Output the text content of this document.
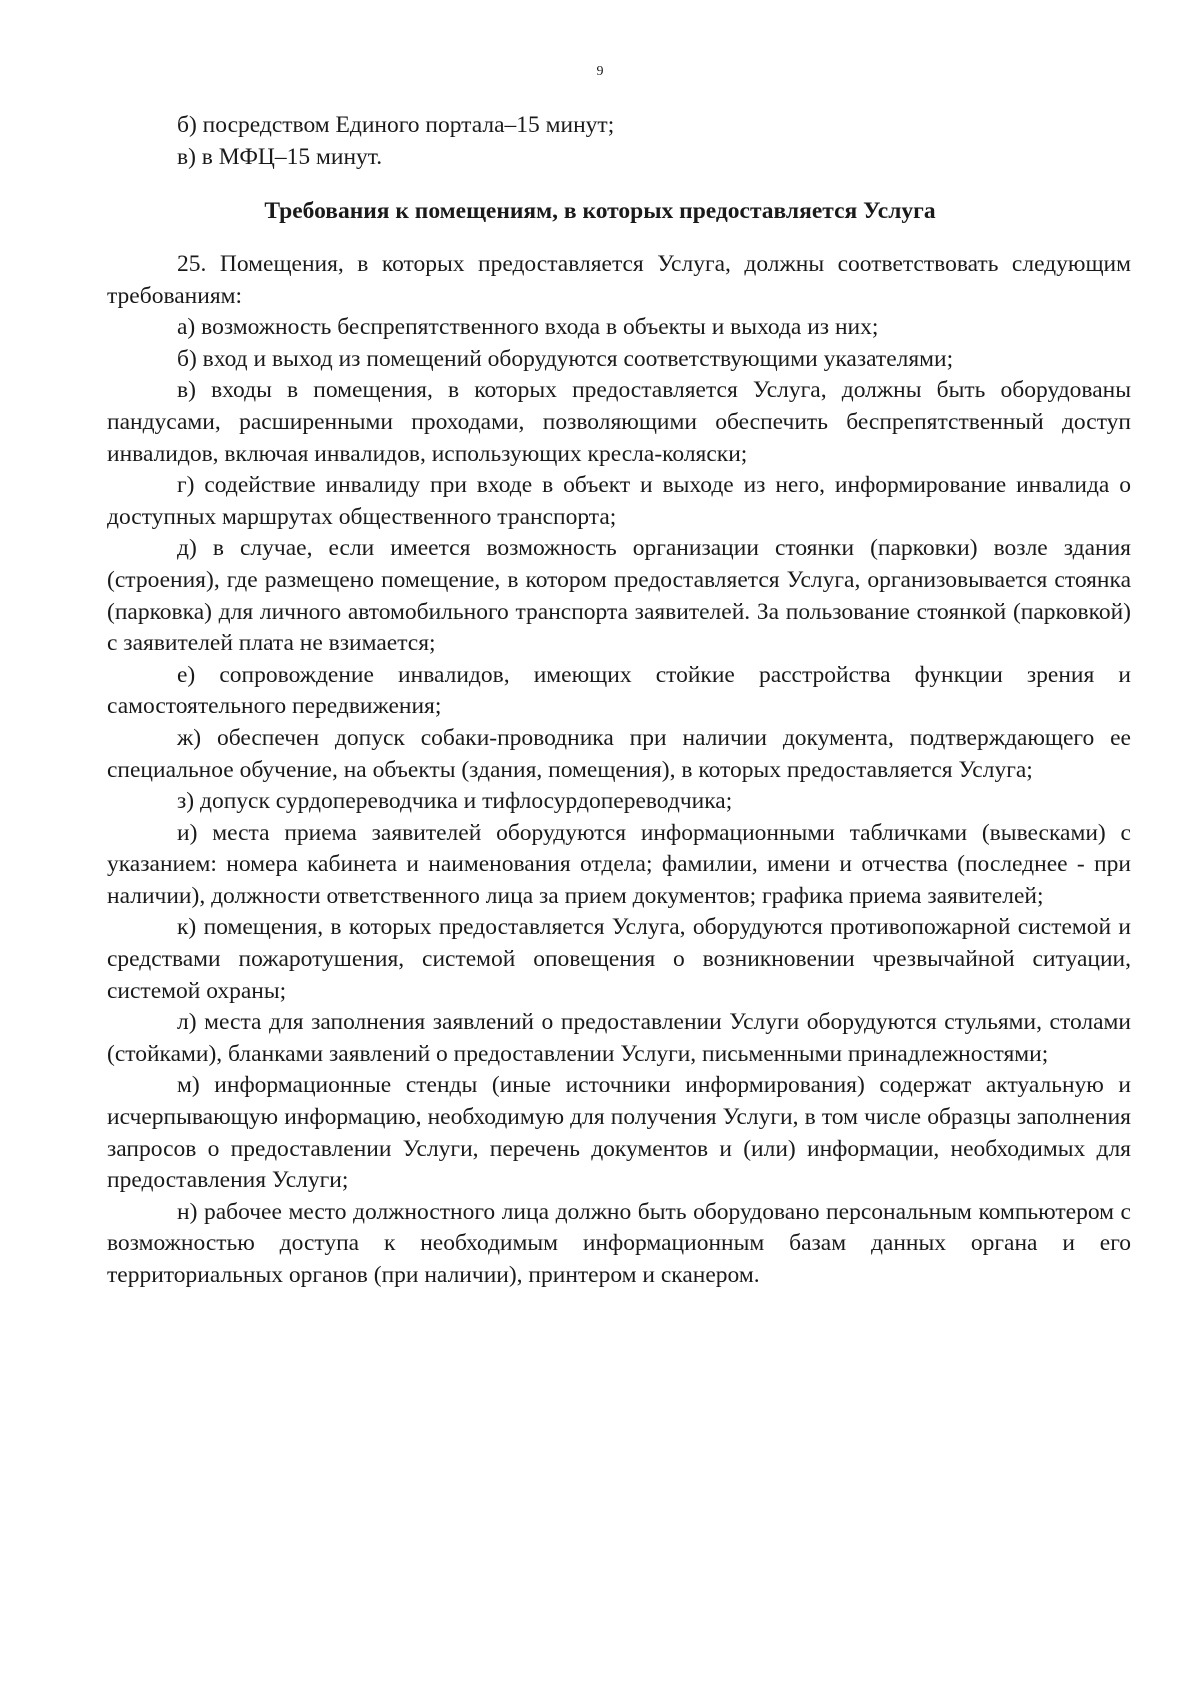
9

б) посредством Единого портала–15 минут;

в) в МФЦ–15 минут.

Требования к помещениям, в которых предоставляется Услуга

25. Помещения, в которых предоставляется Услуга, должны соответствовать следующим требованиям:

а) возможность беспрепятственного входа в объекты и выхода из них;

б) вход и выход из помещений оборудуются соответствующими указателями;

в) входы в помещения, в которых предоставляется Услуга, должны быть оборудованы пандусами, расширенными проходами, позволяющими обеспечить беспрепятственный доступ инвалидов, включая инвалидов, использующих кресла-коляски;

г) содействие инвалиду при входе в объект и выходе из него, информирование инвалида о доступных маршрутах общественного транспорта;

д) в случае, если имеется возможность организации стоянки (парковки) возле здания (строения), где размещено помещение, в котором предоставляется Услуга, организовывается стоянка (парковка) для личного автомобильного транспорта заявителей. За пользование стоянкой (парковкой) с заявителей плата не взимается;

е) сопровождение инвалидов, имеющих стойкие расстройства функции зрения и самостоятельного передвижения;

ж) обеспечен допуск собаки-проводника при наличии документа, подтверждающего ее специальное обучение, на объекты (здания, помещения), в которых предоставляется Услуга;

з) допуск сурдопереводчика и тифлосурдопереводчика;

и) места приема заявителей оборудуются информационными табличками (вывесками) с указанием: номера кабинета и наименования отдела; фамилии, имени и отчества (последнее - при наличии), должности ответственного лица за прием документов; графика приема заявителей;

к) помещения, в которых предоставляется Услуга, оборудуются противопожарной системой и средствами пожаротушения, системой оповещения о возникновении чрезвычайной ситуации, системой охраны;

л) места для заполнения заявлений о предоставлении Услуги оборудуются стульями, столами (стойками), бланками заявлений о предоставлении Услуги, письменными принадлежностями;

м) информационные стенды (иные источники информирования) содержат актуальную и исчерпывающую информацию, необходимую для получения Услуги, в том числе образцы заполнения запросов о предоставлении Услуги, перечень документов и (или) информации, необходимых для предоставления Услуги;

н) рабочее место должностного лица должно быть оборудовано персональным компьютером с возможностью доступа к необходимым информационным базам данных органа и его территориальных органов (при наличии), принтером и сканером.
